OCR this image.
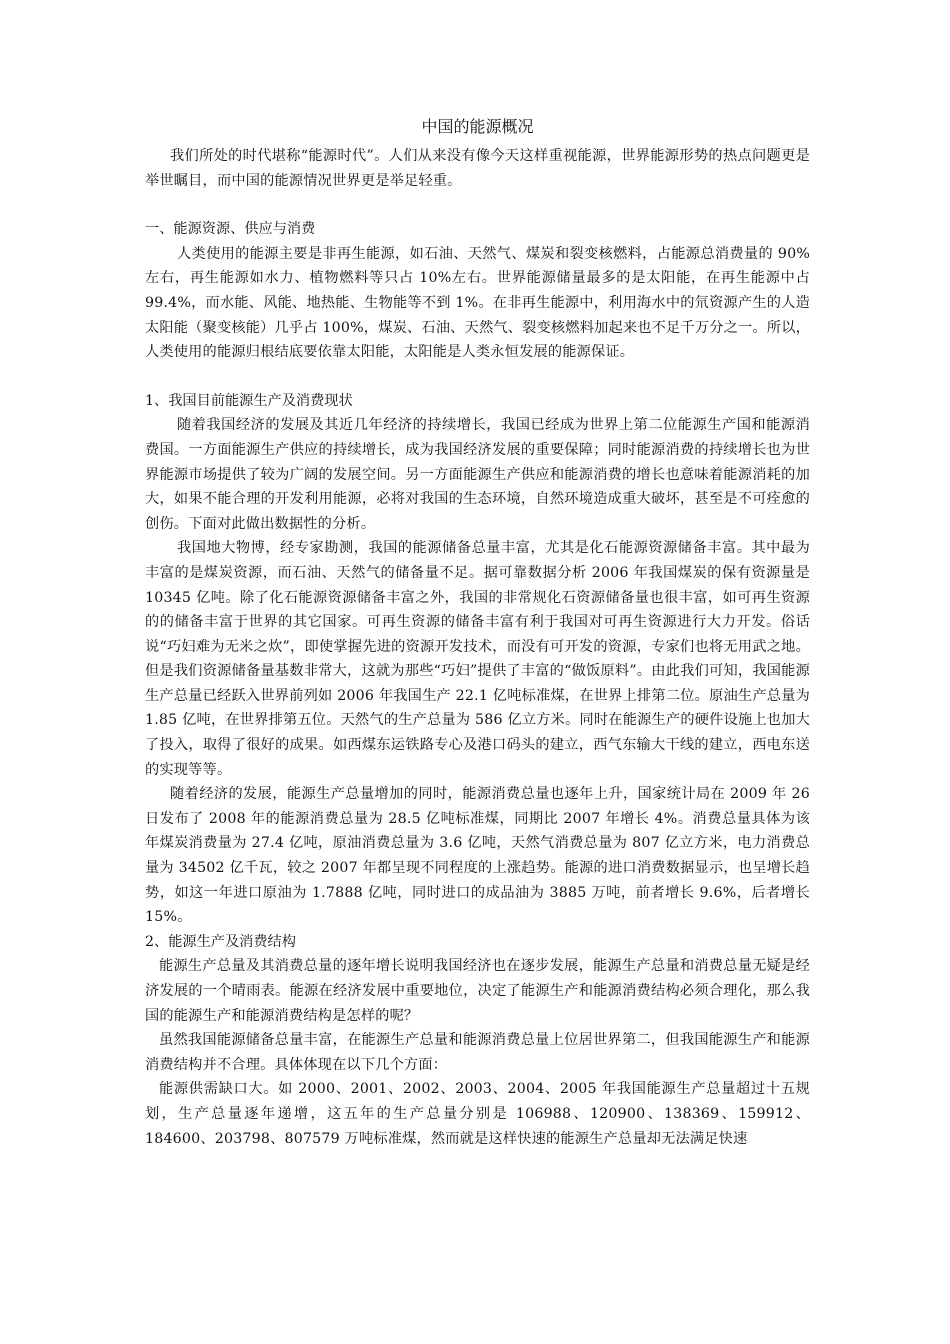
中国的能源概况

我们所处的时代堪称“能源时代”。人们从来没有像今天这样重视能源，世界能源形势的热点问题更是举世瞩目，而中国的能源情况世界更是举足轻重。

一、能源资源、供应与消费

人类使用的能源主要是非再生能源，如石油、天然气、煤炭和裂变核燃料，占能源总消费量的 90%左右，再生能源如水力、植物燃料等只占 10%左右。世界能源储量最多的是太阳能，在再生能源中占 99.4%，而水能、风能、地热能、生物能等不到 1%。在非再生能源中，利用海水中的氘资源产生的人造太阳能（聚变核能）几乎占 100%，煤炭、石油、天然气、裂变核燃料加起来也不足千万分之一。所以，人类使用的能源归根结底要依靠太阳能，太阳能是人类永恒发展的能源保证。

1、我国目前能源生产及消费现状

随着我国经济的发展及其近几年经济的持续增长，我国已经成为世界上第二位能源生产国和能源消费国。一方面能源生产供应的持续增长，成为我国经济发展的重要保障；同时能源消费的持续增长也为世界能源市场提供了较为广阔的发展空间。另一方面能源生产供应和能源消费的增长也意味着能源消耗的加大，如果不能合理的开发利用能源，必将对我国的生态环境，自然环境造成重大破坏，甚至是不可痊愈的创伤。下面对此做出数据性的分析。

我国地大物博，经专家勘测，我国的能源储备总量丰富，尤其是化石能源资源储备丰富。其中最为丰富的是煤炭资源，而石油、天然气的储备量不足。据可靠数据分析 2006 年我国煤炭的保有资源量是 10345 亿吨。除了化石能源资源储备丰富之外，我国的非常规化石资源储备量也很丰富，如可再生资源的的储备丰富于世界的其它国家。可再生资源的储备丰富有利于我国对可再生资源进行大力开发。俗话说“巧妇难为无米之炊”，即使掌握先进的资源开发技术，而没有可开发的资源，专家们也将无用武之地。但是我们资源储备量基数非常大，这就为那些“巧妇”提供了丰富的“做饭原料”。由此我们可知，我国能源生产总量已经跃入世界前列如 2006 年我国生产 22.1 亿吨标准煤，在世界上排第二位。原油生产总量为 1.85 亿吨，在世界排第五位。天然气的生产总量为 586 亿立方米。同时在能源生产的硬件设施上也加大了投入，取得了很好的成果。如西煤东运铁路专心及港口码头的建立，西气东输大干线的建立，西电东送的实现等等。

随着经济的发展，能源生产总量增加的同时，能源消费总量也逐年上升，国家统计局在 2009 年 26 日发布了 2008 年的能源消费总量为 28.5 亿吨标准煤，同期比 2007 年增长 4%。消费总量具体为该年煤炭消费量为 27.4 亿吨，原油消费总量为 3.6 亿吨，天然气消费总量为 807 亿立方米，电力消费总量为 34502 亿千瓦，较之 2007 年都呈现不同程度的上涨趋势。能源的进口消费数据显示，也呈增长趋势，如这一年进口原油为 1.7888 亿吨，同时进口的成品油为 3885 万吨，前者增长 9.6%，后者增长 15%。

2、能源生产及消费结构

能源生产总量及其消费总量的逐年增长说明我国经济也在逐步发展，能源生产总量和消费总量无疑是经济发展的一个晴雨表。能源在经济发展中重要地位，决定了能源生产和能源消费结构必须合理化，那么我国的能源生产和能源消费结构是怎样的呢？

虽然我国能源储备总量丰富，在能源生产总量和能源消费总量上位居世界第二，但我国能源生产和能源消费结构并不合理。具体体现在以下几个方面：

能源供需缺口大。如 2000、2001、2002、2003、2004、2005 年我国能源生产总量超过十五规划，生产总量逐年递增，这五年的生产总量分别是 106988、120900、138369、159912、184600、203798、807579 万吨标准煤，然而就是这样快速的能源生产总量却无法满足快速
